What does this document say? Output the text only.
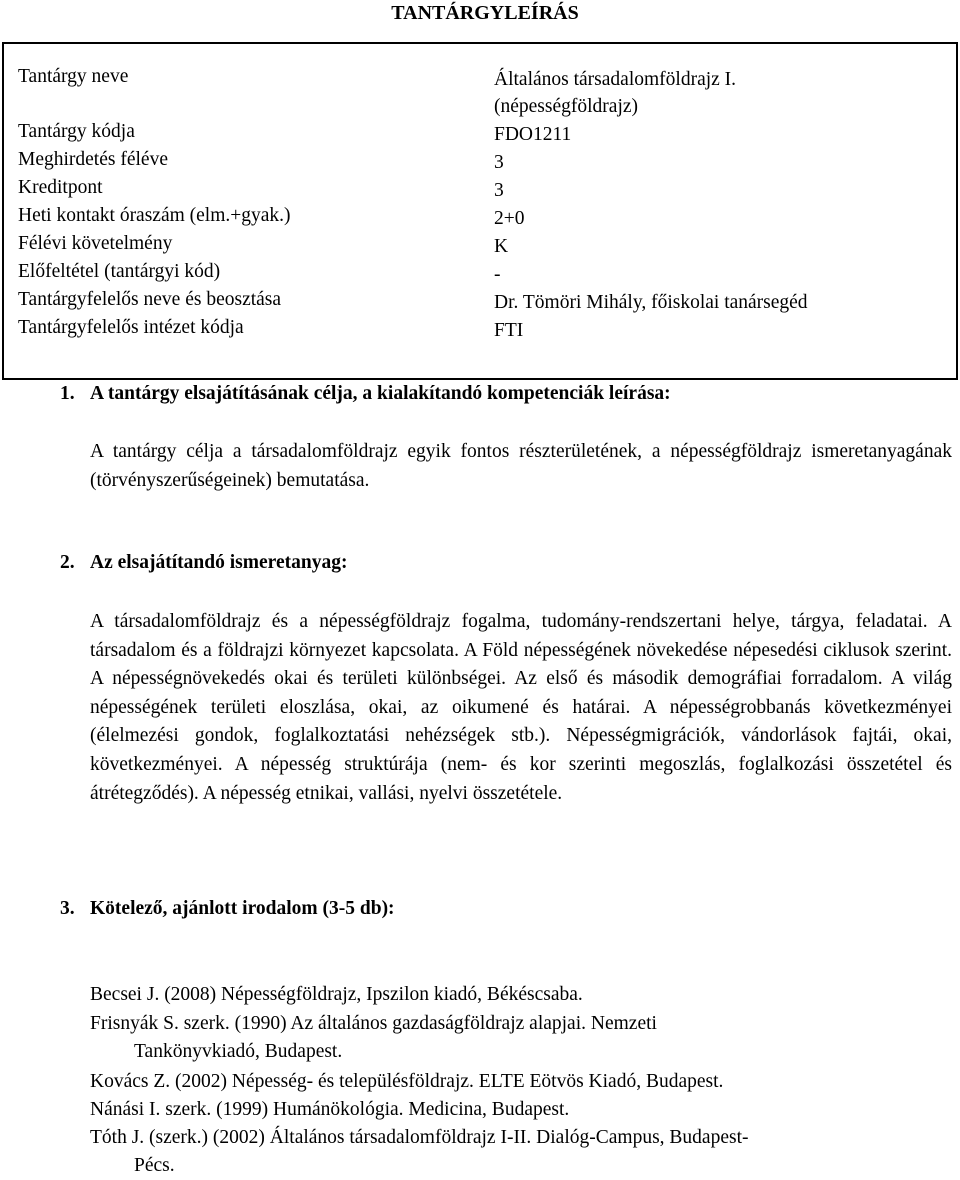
TANTÁRGYLEÍRÁS
Tantárgy neve	Általános társadalomföldrajz I.
(népességföldrajz)
Tantárgy kódja	FDO1211
Meghirdetés féléve	3
Kreditpont	3
Heti kontakt óraszám (elm.+gyak.)	2+0
Félévi követelmény	K
Előfeltétel (tantárgyi kód)	-
Tantárgyfelelős neve és beosztása	Dr. Tömöri Mihály, főiskolai tanársegéd
Tantárgyfelelős intézet kódja	FTI
1. A tantárgy elsajátításának célja, a kialakítandó kompetenciák leírása:
A tantárgy célja a társadalomföldrajz egyik fontos részterületének, a népességföldrajz ismeretanyagának (törvényszerűségeinek) bemutatása.
2. Az elsajátítandó ismeretanyag:
A társadalomföldrajz és a népességföldrajz fogalma, tudomány-rendszertani helye, tárgya, feladatai. A társadalom és a földrajzi környezet kapcsolata. A Föld népességének növekedése népesedési ciklusok szerint. A népességnövekedés okai és területi különbségei. Az első és második demográfiai forradalom. A világ népességének területi eloszlása, okai, az oikumené és határai. A népességrobbanás következményei (élelmezési gondok, foglalkoztatási nehézségek stb.). Népességmigrációk, vándorlások fajtái, okai, következményei. A népesség struktúrája (nem- és kor szerinti megoszlás, foglalkozási összetétel és átrétegződés). A népesség etnikai, vallási, nyelvi összetétele.
3. Kötelező, ajánlott irodalom (3-5 db):
Becsei J. (2008) Népességföldrajz, Ipszilon kiadó, Békéscsaba.
Frisnyák S. szerk. (1990) Az általános gazdaságföldrajz alapjai. Nemzeti
Tankönyvkiadó, Budapest.
Kovács Z. (2002) Népesség- és településföldrajz. ELTE Eötvös Kiadó, Budapest.
Nánási I. szerk. (1999) Humánökológia. Medicina, Budapest.
Tóth J. (szerk.) (2002) Általános társadalomföldrajz I-II. Dialóg-Campus, Budapest-
Pécs.
